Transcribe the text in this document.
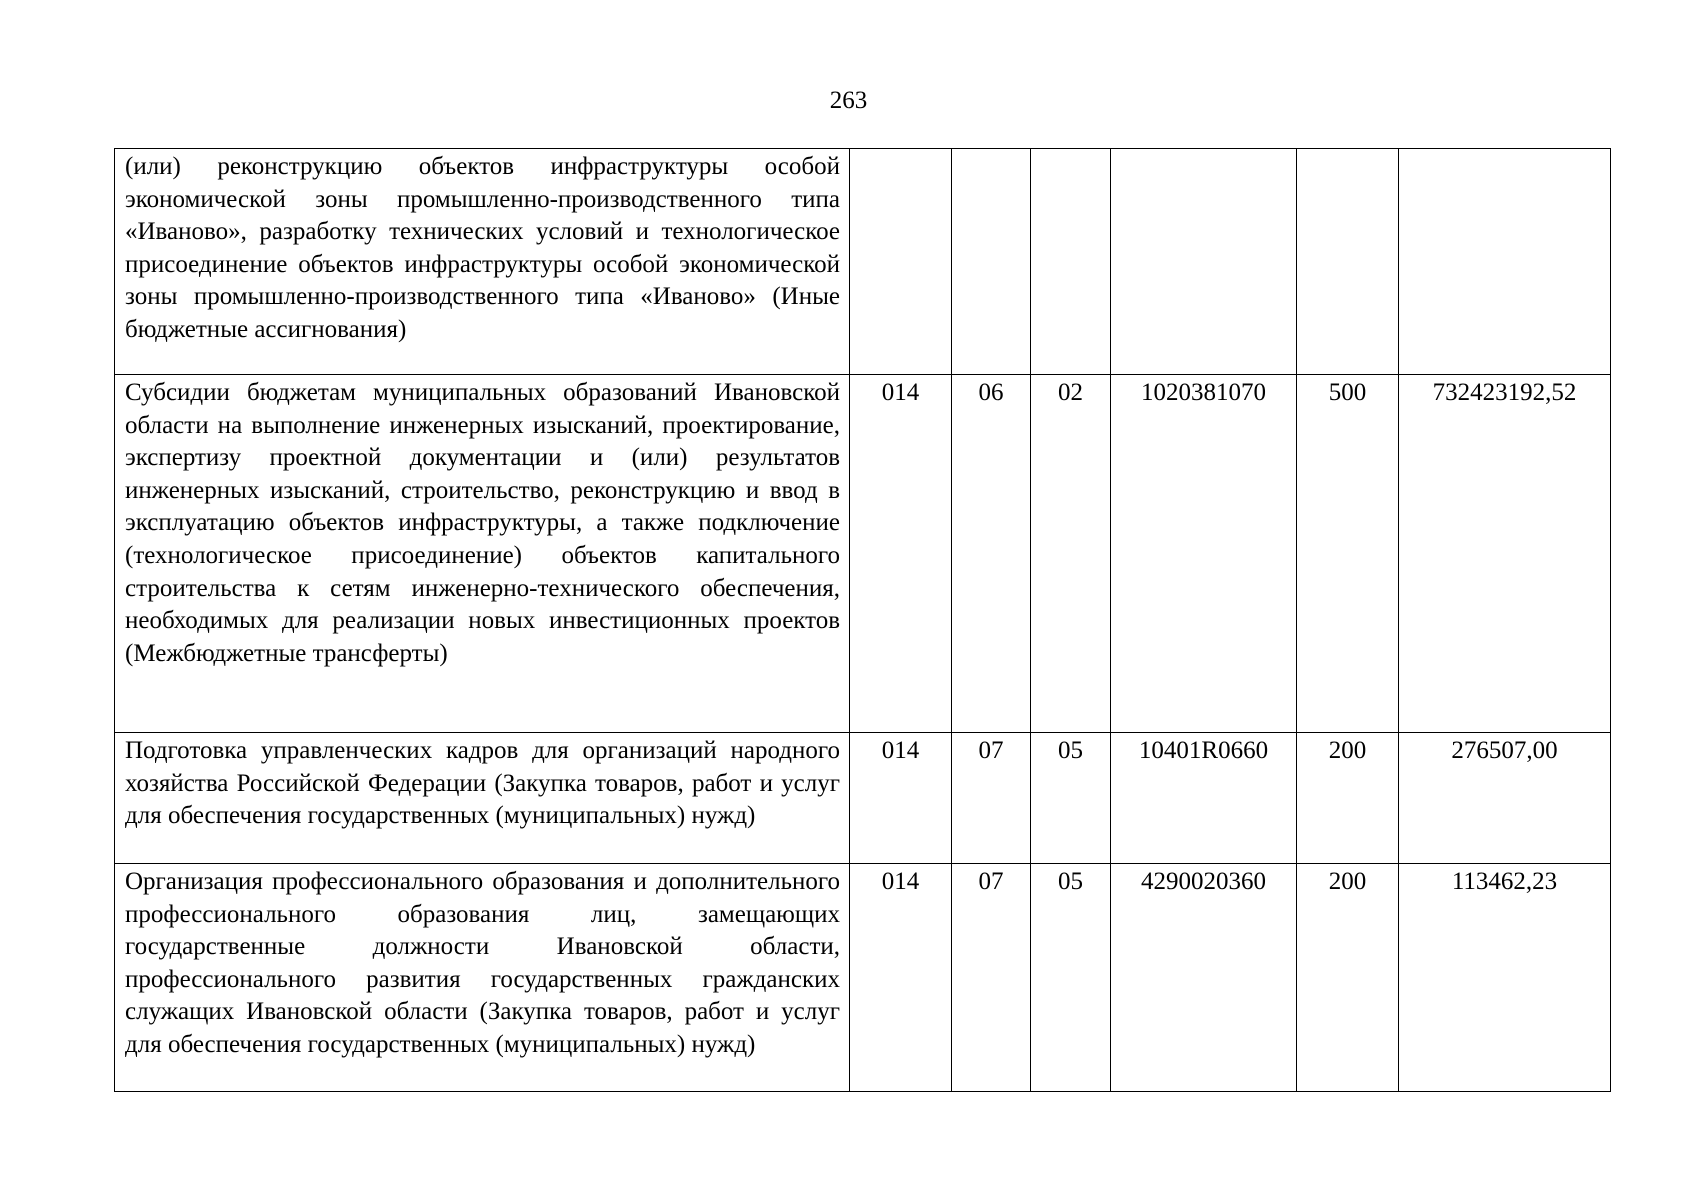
263
(или) реконструкцию объектов инфраструктуры особой экономической зоны промышленно-производственного типа «Иваново», разработку технических условий и технологическое присоединение объектов инфраструктуры особой экономической зоны промышленно-производственного типа «Иваново» (Иные бюджетные ассигнования)						
Субсидии бюджетам муниципальных образований Ивановской области на выполнение инженерных изысканий, проектирование, экспертизу проектной документации и (или) результатов инженерных изысканий, строительство, реконструкцию и ввод в эксплуатацию объектов инфраструктуры, а также подключение (технологическое присоединение) объектов капитального строительства к сетям инженерно-технического обеспечения, необходимых для реализации новых инвестиционных проектов (Межбюджетные трансферты)	014	06	02	1020381070	500	732423192,52
Подготовка управленческих кадров для организаций народного хозяйства Российской Федерации (Закупка товаров, работ и услуг для обеспечения государственных (муниципальных) нужд)	014	07	05	10401R0660	200	276507,00
Организация профессионального образования и дополнительного профессионального образования лиц, замещающих государственные должности Ивановской области, профессионального развития государственных гражданских служащих Ивановской области (Закупка товаров, работ и услуг для обеспечения государственных (муниципальных) нужд)	014	07	05	4290020360	200	113462,23
